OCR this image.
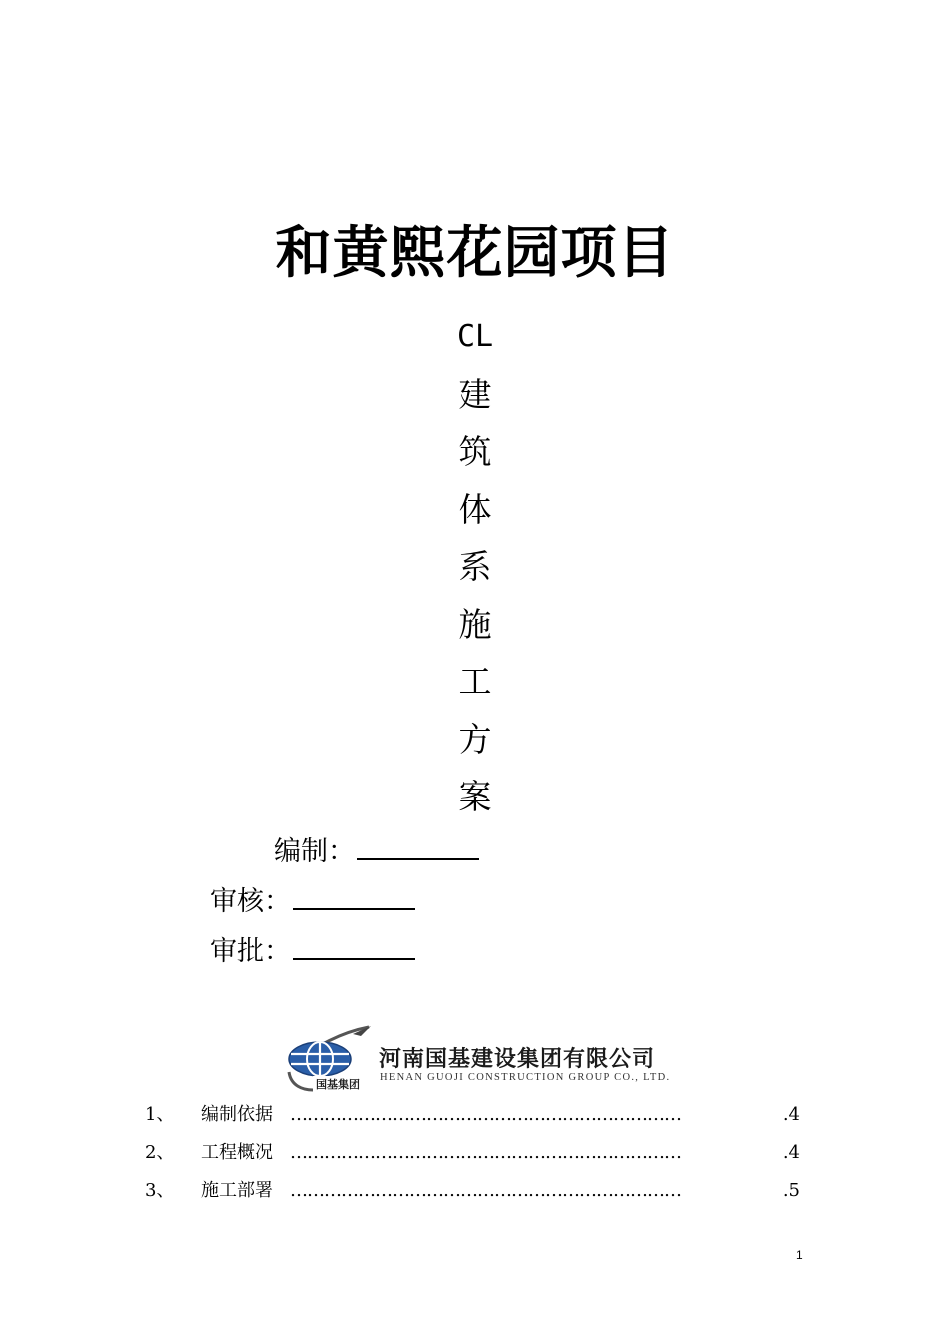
和黄熙花园项目
CL
建
筑
体
系
施
工
方
案
编制：
审核：
审批：
国基集团
河南国基建设集团有限公司
HENAN GUOJI CONSTRUCTION GROUP CO., LTD.
1、 编制依据 ……………………………………………………………	.4
2、 工程概况 ……………………………………………………………	.4
3、 施工部署 ……………………………………………………………	.5
1
